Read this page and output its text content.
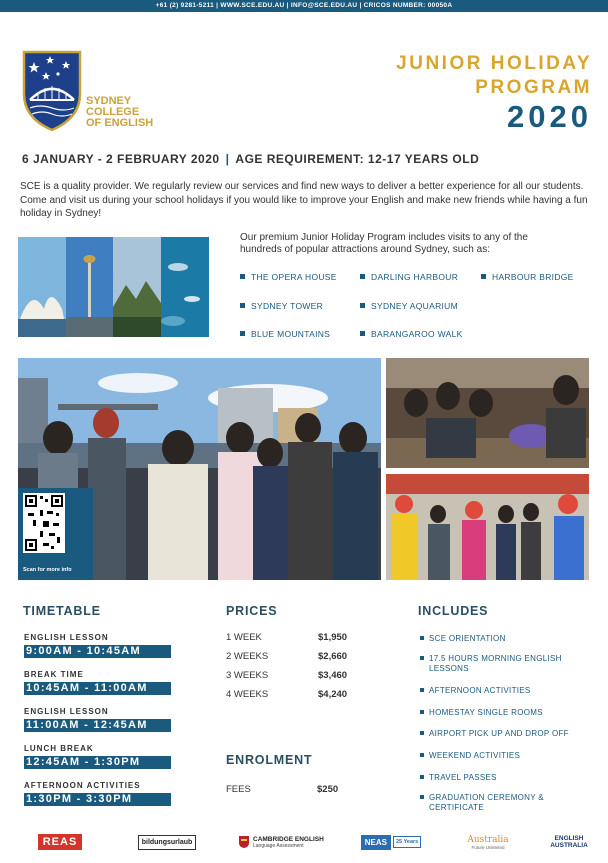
+61 (2) 9281-5211 | WWW.SCE.EDU.AU | INFO@SCE.EDU.AU | CRICOS NUMBER: 00050A
SYDNEY
COLLEGE
OF ENGLISH
JUNIOR HOLIDAY
PROGRAM
2020
6 JANUARY - 2 FEBRUARY 2020 | AGE REQUIREMENT: 12-17 YEARS OLD
SCE is a quality provider. We regularly review our services and find new ways to deliver a better experience for all our students. Come and visit us during your school holidays if you would like to improve your English and make new friends while having a fun holiday in Sydney!
Our premium Junior Holiday Program includes visits to any of the hundreds of popular attractions around Sydney, such as:
THE OPERA HOUSE	DARLING HARBOUR	HARBOUR BRIDGE
SYDNEY TOWER	SYDNEY AQUARIUM
BLUE MOUNTAINS	BARANGAROO WALK
Scan for more info
TIMETABLE
ENGLISH LESSON
9:00AM - 10:45AM
BREAK TIME
10:45AM - 11:00AM
ENGLISH LESSON
11:00AM - 12:45AM
LUNCH BREAK
12:45AM - 1:30PM
AFTERNOON ACTIVITIES
1:30PM - 3:30PM
PRICES
1 WEEK	$1,950
2 WEEKS	$2,660
3 WEEKS	$3,460
4 WEEKS	$4,240
ENROLMENT
FEES	$250
INCLUDES
SCE ORIENTATION
17.5 HOURS MORNING ENGLISH LESSONS
AFTERNOON ACTIVITIES
HOMESTAY SINGLE ROOMS
AIRPORT PICK UP AND DROP OFF
WEEKEND ACTIVITIES
TRAVEL PASSES
GRADUATION CEREMONY & CERTIFICATE
REAS	bildungsurlaub	CAMBRIDGE ENGLISH
Language Assessment	NEAS	25 Years	Australia
Future Unlimited
ENGLISH AUSTRALIA
